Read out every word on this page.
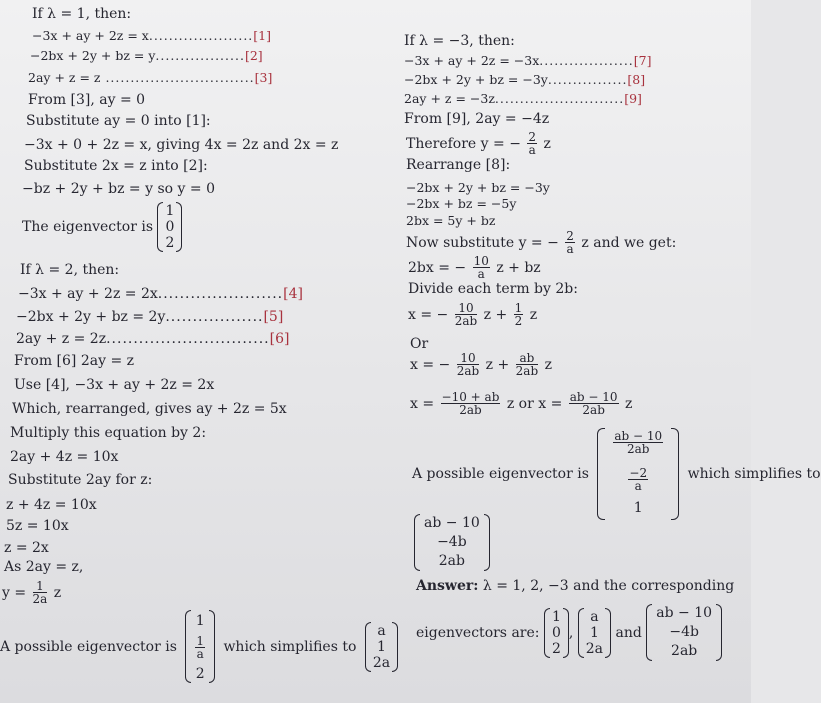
If λ = 1, then:
−3x + ay + 2z = x.....................[1]
−2bx + 2y + bz = y..................[2]
2ay + z = z ..............................[3]
From [3], ay = 0
Substitute ay = 0 into [1]:
−3x + 0 + 2z = x, giving 4x = 2z and 2x = z
Substitute 2x = z into [2]:
−bz + 2y + bz = y so y = 0
The eigenvector is
1
0
2
If λ = 2, then:
−3x + ay + 2z = 2x.......................[4]
−2bx + 2y + bz = 2y..................[5]
2ay + z = 2z..............................[6]
From [6] 2ay = z
Use [4], −3x + ay + 2z = 2x
Which, rearranged, gives ay + 2z = 5x
Multiply this equation by 2:
2ay + 4z = 10x
Substitute 2ay for z:
z + 4z = 10x
5z = 10x
z = 2x
As 2ay = z,
$y = \frac{1}{2a}$ z
A possible eigenvector is
1
1
a
2
which simplifies to
a
1
2a
If λ = −3, then:
−3x + ay + 2z = −3x...................[7]
−2bx + 2y + bz = −3y................[8]
2ay + z = −3z..........................[9]
From [9], 2ay = −4z
Therefore y = − $\frac{2}{a}$ z
Rearrange [8]:
−2bx + 2y + bz = −3y
−2bx + bz = −5y
2bx = 5y + bz
Now substitute y = − $\frac{2}{a}$ z and we get:
2bx = − $\frac{10}{a}$ z + bz
Divide each term by 2b:
x = − $\frac{10}{2ab}$ $z + \frac{1}{2}$ z
Or
x = − $\frac{10}{2ab}$ $z + \frac{ab}{2ab}$ z
$x = \frac{-10 + ab}{2ab}$ z or $x = \frac{ab - 10}{2ab}$ z
A possible eigenvector is
ab − 10
2ab
−2
a
1
which simplifies to
ab − 10
−4b
2ab
Answer: λ = 1, 2, −3 and the corresponding
eigenvectors are:
1
0
2
,
a
1
2a
and
ab − 10
−4b
2ab
